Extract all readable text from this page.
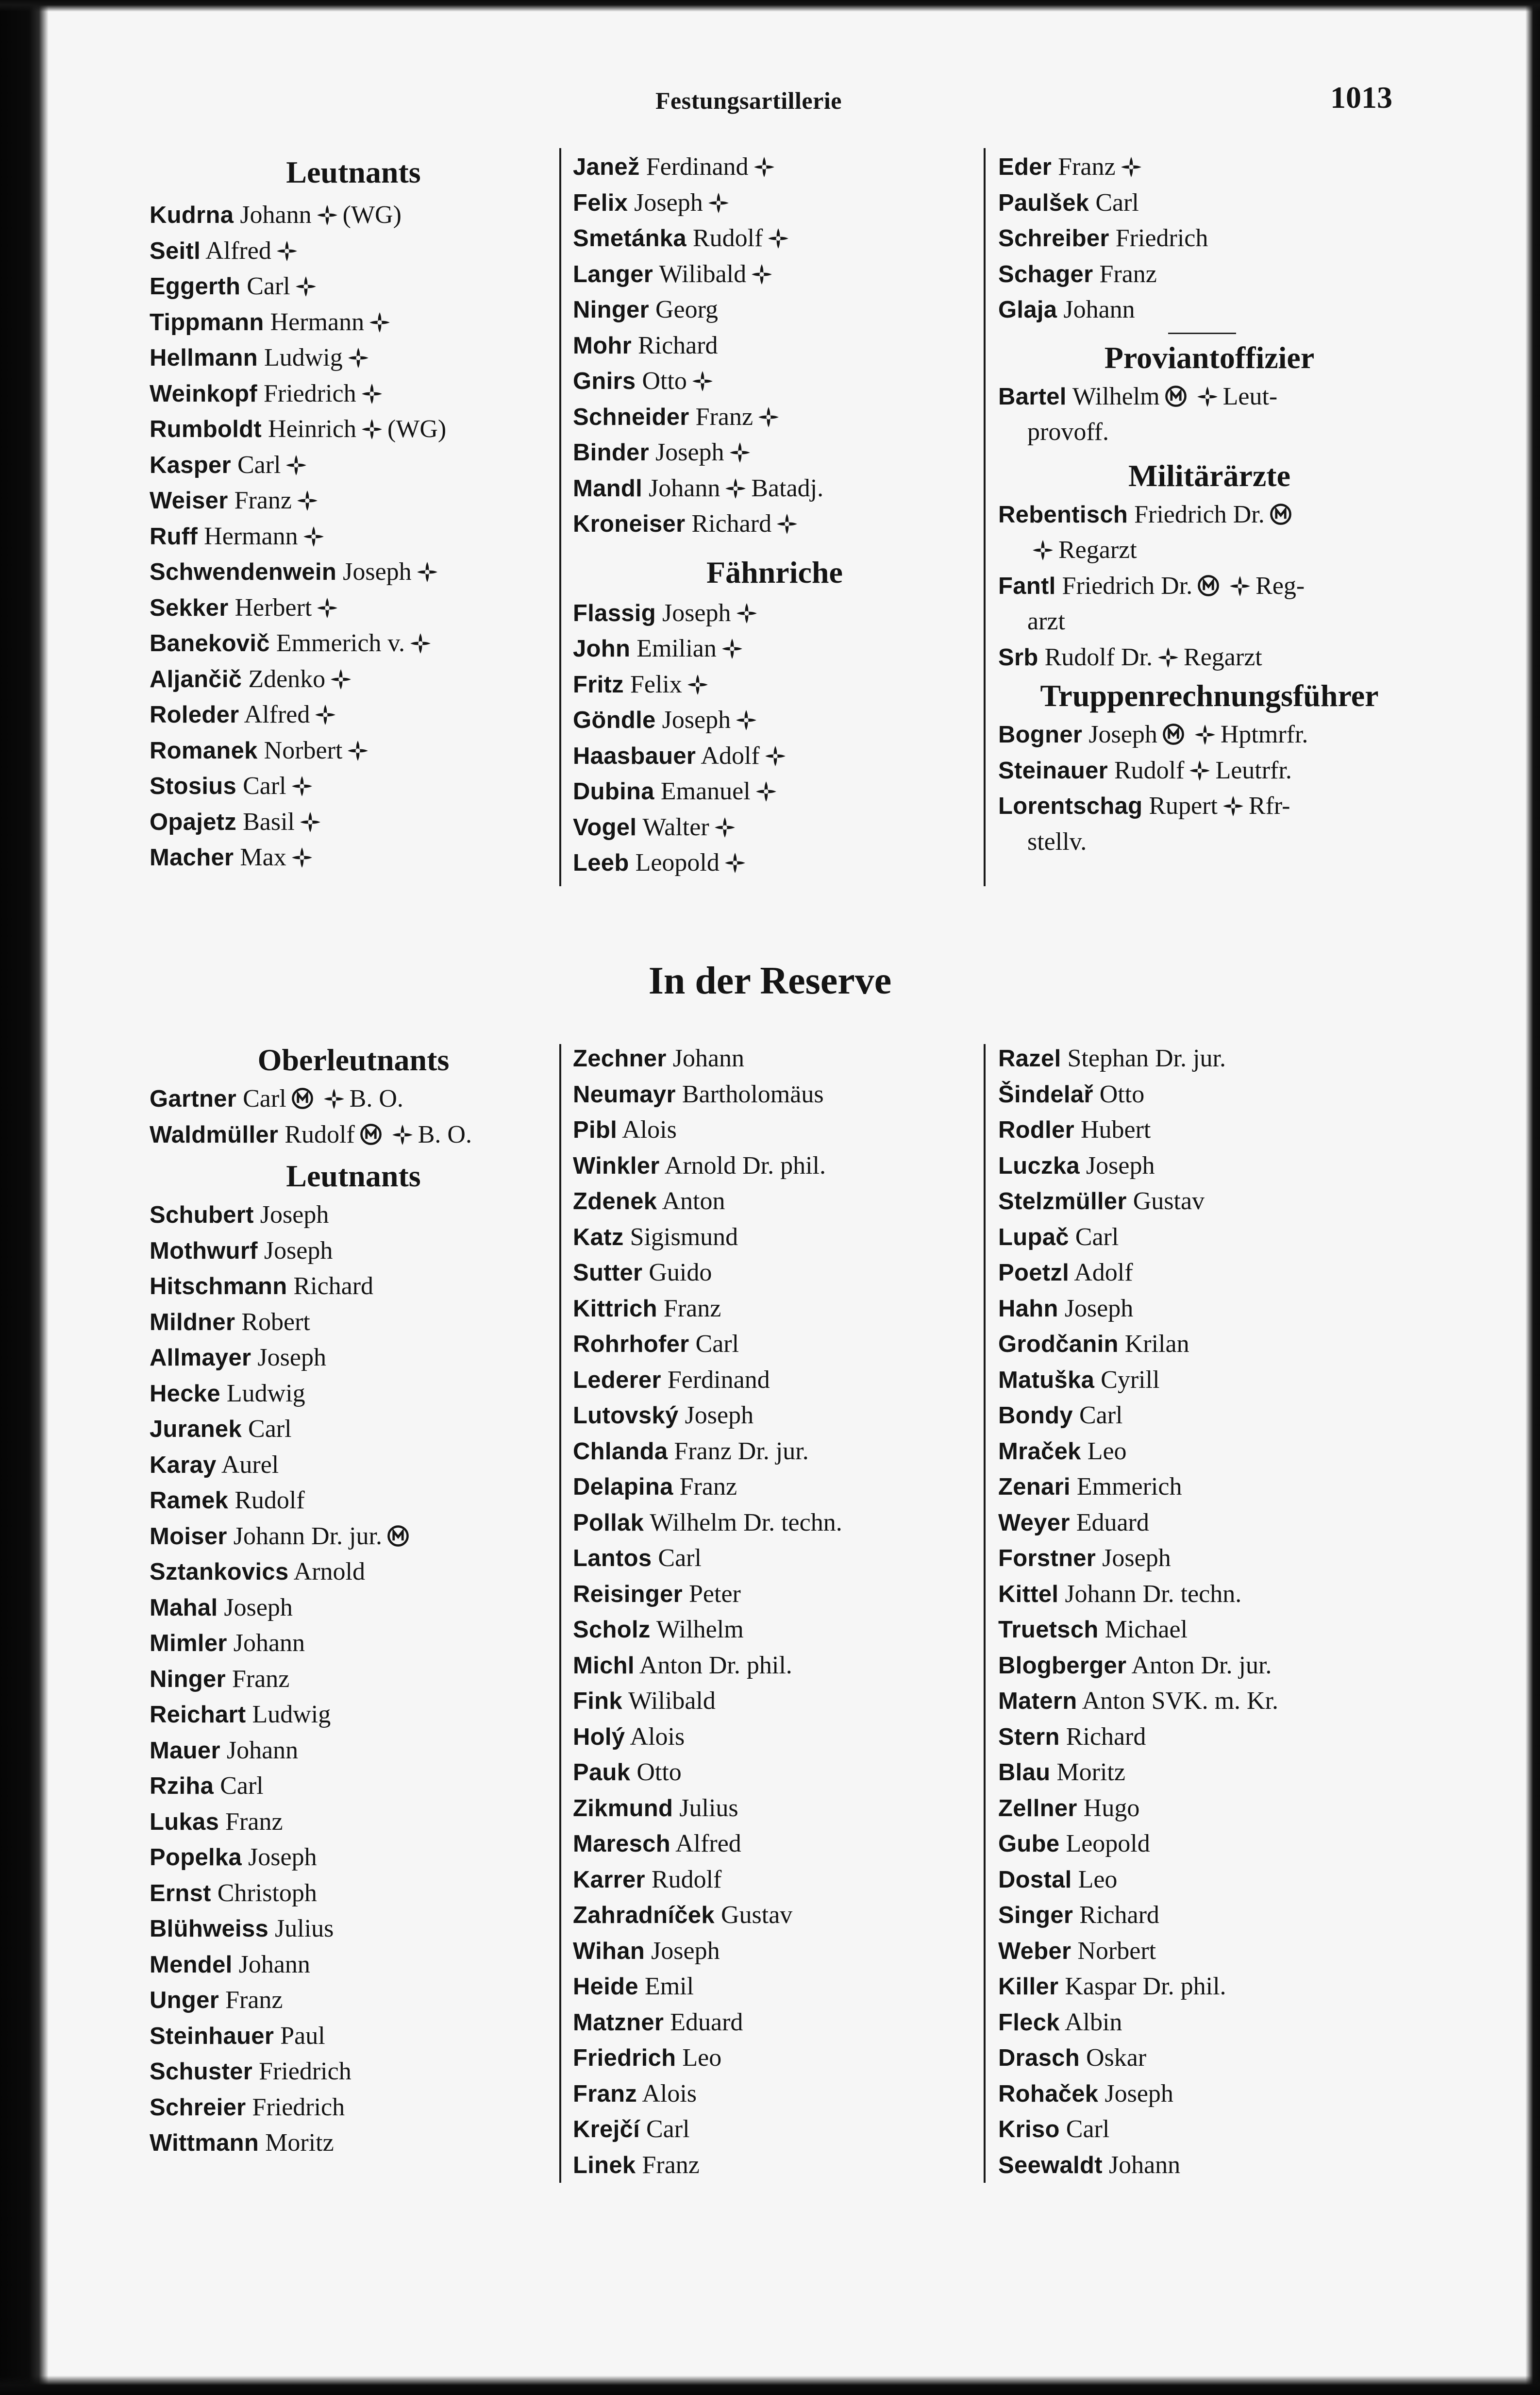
Festungsartillerie	1013
Leutnants
Kudrna Johann (WG)
Seitl Alfred
Eggerth Carl
Tippmann Hermann
Hellmann Ludwig
Weinkopf Friedrich
Rumboldt Heinrich (WG)
Kasper Carl
Weiser Franz
Ruff Hermann
Schwendenwein Joseph
Sekker Herbert
Banekovič Emmerich v.
Aljančič Zdenko
Roleder Alfred
Romanek Norbert
Stosius Carl
Opajetz Basil
Macher Max
Janež Ferdinand
Felix Joseph
Smetánka Rudolf
Langer Wilibald
Ninger Georg
Mohr Richard
Gnirs Otto
Schneider Franz
Binder Joseph
Mandl Johann Batadj.
Kroneiser Richard
Fähnriche
Flassig Joseph
John Emilian
Fritz Felix
Göndle Joseph
Haasbauer Adolf
Dubina Emanuel
Vogel Walter
Leeb Leopold
Eder Franz
Paulšek Carl
Schreiber Friedrich
Schager Franz
Glaja Johann
Proviantoffizier
Bartel Wilhelm	Leut-
provoff.
Militärärzte
Rebentisch Friedrich Dr.
Regarzt
Fantl Friedrich Dr.	Reg-
arzt
Srb Rudolf Dr. Regarzt
Truppenrechnungsführer
Bogner Joseph	Hptmrfr.
Steinauer Rudolf Leutrfr.
Lorentschag Rupert Rfr-
stellv.
In der Reserve
Oberleutnants
Gartner Carl	B. O.
Waldmüller Rudolf	B. O.
Leutnants
Schubert Joseph
Mothwurf Joseph
Hitschmann Richard
Mildner Robert
Allmayer Joseph
Hecke Ludwig
Juranek Carl
Karay Aurel
Ramek Rudolf
Moiser Johann Dr. jur.
Sztankovics Arnold
Mahal Joseph
Mimler Johann
Ninger Franz
Reichart Ludwig
Mauer Johann
Rziha Carl
Lukas Franz
Popelka Joseph
Ernst Christoph
Blühweiss Julius
Mendel Johann
Unger Franz
Steinhauer Paul
Schuster Friedrich
Schreier Friedrich
Wittmann Moritz
Zechner Johann
Neumayr Bartholomäus
Pibl Alois
Winkler Arnold Dr. phil.
Zdenek Anton
Katz Sigismund
Sutter Guido
Kittrich Franz
Rohrhofer Carl
Lederer Ferdinand
Lutovský Joseph
Chlanda Franz Dr. jur.
Delapina Franz
Pollak Wilhelm Dr. techn.
Lantos Carl
Reisinger Peter
Scholz Wilhelm
Michl Anton Dr. phil.
Fink Wilibald
Holý Alois
Pauk Otto
Zikmund Julius
Maresch Alfred
Karrer Rudolf
Zahradníček Gustav
Wihan Joseph
Heide Emil
Matzner Eduard
Friedrich Leo
Franz Alois
Krejčí Carl
Linek Franz
Razel Stephan Dr. jur.
Šindelař Otto
Rodler Hubert
Luczka Joseph
Stelzmüller Gustav
Lupač Carl
Poetzl Adolf
Hahn Joseph
Grodčanin Krilan
Matuška Cyrill
Bondy Carl
Mraček Leo
Zenari Emmerich
Weyer Eduard
Forstner Joseph
Kittel Johann Dr. techn.
Truetsch Michael
Blogberger Anton Dr. jur.
Matern Anton SVK. m. Kr.
Stern Richard
Blau Moritz
Zellner Hugo
Gube Leopold
Dostal Leo
Singer Richard
Weber Norbert
Killer Kaspar Dr. phil.
Fleck Albin
Drasch Oskar
Rohaček Joseph
Kriso Carl
Seewaldt Johann
